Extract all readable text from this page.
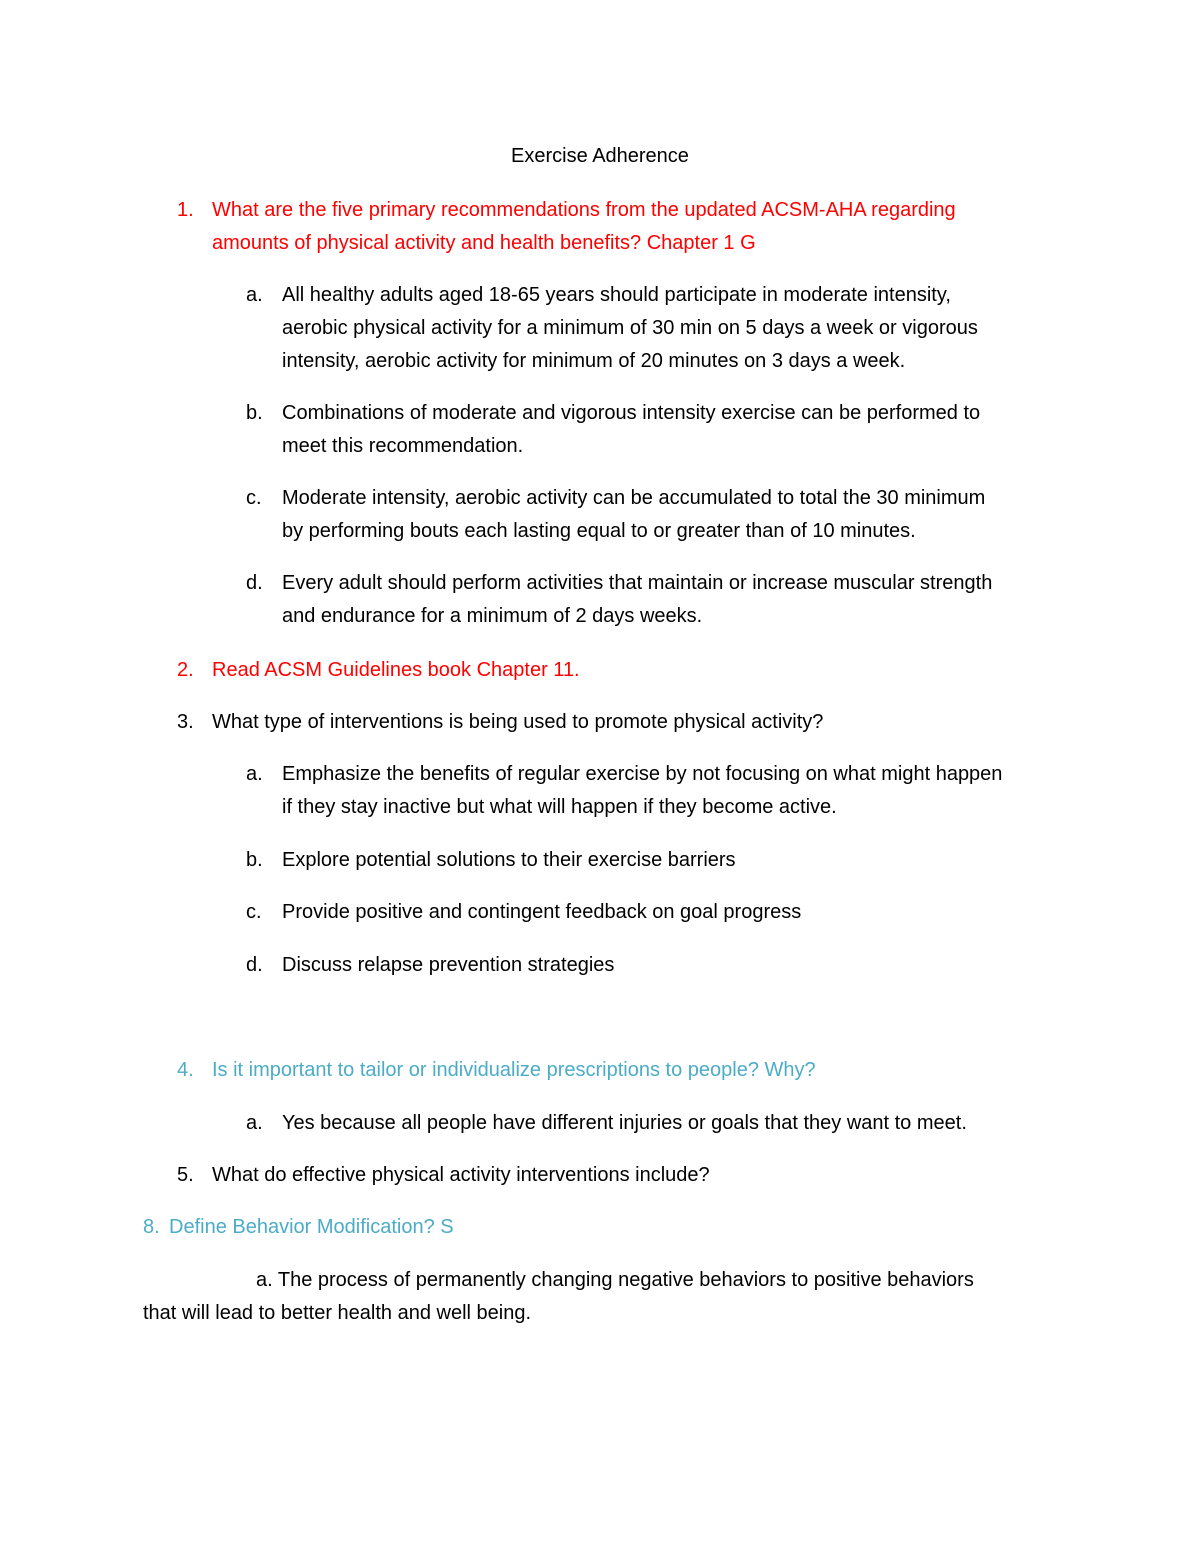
Exercise Adherence
1. What are the five primary recommendations from the updated ACSM-AHA regarding
amounts of physical activity and health benefits? Chapter 1 G
a. All healthy adults aged 18-65 years should participate in moderate intensity,
aerobic physical activity for a minimum of 30 min on 5 days a week or vigorous
intensity, aerobic activity for minimum of 20 minutes on 3 days a week.
b. Combinations of moderate and vigorous intensity exercise can be performed to
meet this recommendation.
c. Moderate intensity, aerobic activity can be accumulated to total the 30 minimum
by performing bouts each lasting equal to or greater than of 10 minutes.
d. Every adult should perform activities that maintain or increase muscular strength
and endurance for a minimum of 2 days weeks.
2. Read ACSM Guidelines book Chapter 11.
3. What type of interventions is being used to promote physical activity?
a. Emphasize the benefits of regular exercise by not focusing on what might happen
if they stay inactive but what will happen if they become active.
b. Explore potential solutions to their exercise barriers
c. Provide positive and contingent feedback on goal progress
d. Discuss relapse prevention strategies
4. Is it important to tailor or individualize prescriptions to people? Why?
a. Yes because all people have different injuries or goals that they want to meet.
5. What do effective physical activity interventions include?
8. Define Behavior Modification? S
a. The process of permanently changing negative behaviors to positive behaviors
that will lead to better health and well being.
